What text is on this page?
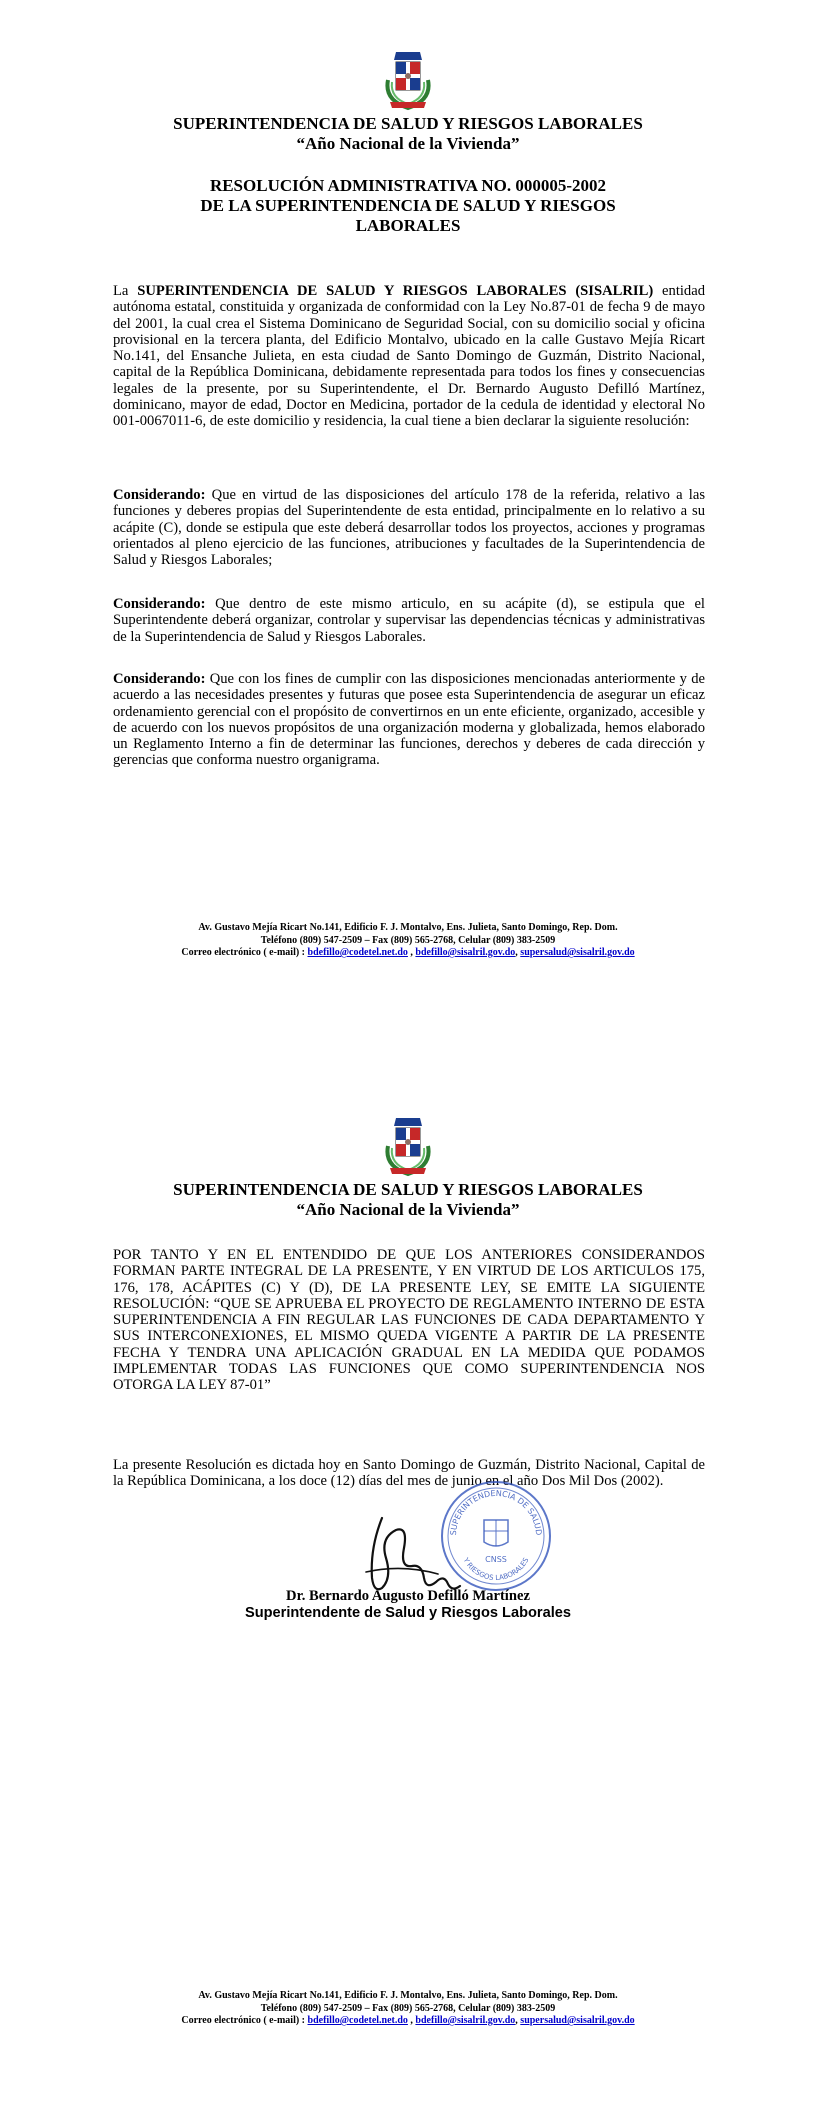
SUPERINTENDENCIA DE SALUD Y RIESGOS LABORALES
“Año Nacional de la Vivienda”
RESOLUCIÓN ADMINISTRATIVA NO. 000005-2002
DE LA SUPERINTENDENCIA DE SALUD Y RIESGOS
LABORALES

La SUPERINTENDENCIA DE SALUD Y RIESGOS LABORALES (SISALRIL) entidad autónoma estatal, constituida y organizada de conformidad con la Ley No.87-01 de fecha 9 de mayo del 2001, la cual crea el Sistema Dominicano de Seguridad Social, con su domicilio social y oficina provisional en la tercera planta, del Edificio Montalvo, ubicado en la calle Gustavo Mejía Ricart No.141, del Ensanche Julieta, en esta ciudad de Santo Domingo de Guzmán, Distrito Nacional, capital de la República Dominicana, debidamente representada para todos los fines y consecuencias legales de la presente, por su Superintendente, el Dr. Bernardo Augusto Defilló Martínez, dominicano, mayor de edad, Doctor en Medicina, portador de la cedula de identidad y electoral No 001-0067011-6, de este domicilio y residencia, la cual tiene a bien declarar la siguiente resolución:

Considerando: Que en virtud de las disposiciones del artículo 178 de la referida, relativo a las funciones y deberes propias del Superintendente de esta entidad, principalmente en lo relativo a su acápite (C), donde se estipula que este deberá desarrollar todos los proyectos, acciones y programas orientados al pleno ejercicio de las funciones, atribuciones y facultades de la Superintendencia de Salud y Riesgos Laborales;

Considerando: Que dentro de este mismo articulo, en su acápite (d), se estipula que el Superintendente deberá organizar, controlar y supervisar las dependencias técnicas y administrativas de la Superintendencia de Salud y Riesgos Laborales.

Considerando: Que con los fines de cumplir con las disposiciones mencionadas anteriormente y de acuerdo a las necesidades presentes y futuras que posee esta Superintendencia de asegurar un eficaz ordenamiento gerencial con el propósito de convertirnos en un ente eficiente, organizado, accesible y de acuerdo con los nuevos propósitos de una organización moderna y globalizada, hemos elaborado un Reglamento Interno a fin de determinar las funciones, derechos y deberes de cada dirección y gerencias que conforma nuestro organigrama.

Av. Gustavo Mejía Ricart No.141, Edificio F. J. Montalvo, Ens. Julieta, Santo Domingo, Rep. Dom.
Teléfono (809) 547-2509 – Fax (809) 565-2768, Celular (809) 383-2509
Correo electrónico ( e-mail) : bdefillo@codetel.net.do , bdefillo@sisalril.gov.do, supersalud@sisalril.gov.do
SUPERINTENDENCIA DE SALUD Y RIESGOS LABORALES
“Año Nacional de la Vivienda”

POR TANTO Y EN EL ENTENDIDO DE QUE LOS ANTERIORES CONSIDERANDOS FORMAN PARTE INTEGRAL DE LA PRESENTE, Y EN VIRTUD DE LOS ARTICULOS 175, 176, 178, ACÁPITES (C) Y (D), DE LA PRESENTE LEY, SE EMITE LA SIGUIENTE RESOLUCIÓN: “QUE SE APRUEBA EL PROYECTO DE REGLAMENTO INTERNO DE ESTA SUPERINTENDENCIA A FIN REGULAR LAS FUNCIONES DE CADA DEPARTAMENTO Y SUS INTERCONEXIONES, EL MISMO QUEDA VIGENTE A PARTIR DE LA PRESENTE FECHA Y TENDRA UNA APLICACIÓN GRADUAL EN LA MEDIDA QUE PODAMOS IMPLEMENTAR TODAS LAS FUNCIONES QUE COMO SUPERINTENDENCIA NOS OTORGA LA LEY 87-01”

La presente Resolución es dictada hoy en Santo Domingo de Guzmán, Distrito Nacional, Capital de la República Dominicana, a los doce (12) días del mes de junio en el año Dos Mil Dos (2002).

SUPERINTENDENCIA DE SALUD
Y RIESGOS LABORALES
CNSS
Dr. Bernardo Augusto Defilló Martínez
Superintendente de Salud y Riesgos Laborales
Av. Gustavo Mejía Ricart No.141, Edificio F. J. Montalvo, Ens. Julieta, Santo Domingo, Rep. Dom.
Teléfono (809) 547-2509 – Fax (809) 565-2768, Celular (809) 383-2509
Correo electrónico ( e-mail) : bdefillo@codetel.net.do , bdefillo@sisalril.gov.do, supersalud@sisalril.gov.do
